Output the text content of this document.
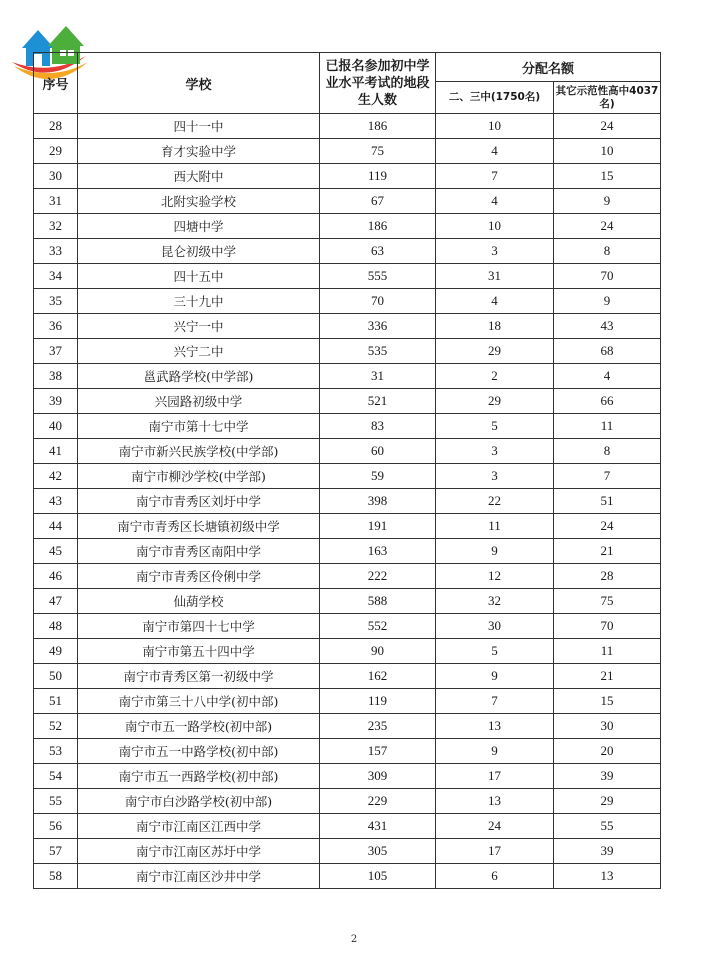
序号	学校	已报名参加初中学业水平考试的地段生人数	分配名额	
			二、三中(1750名)	其它示范性高中4037名)
28	四十一中	186	10	24
29	育才实验中学	75	4	10
30	西大附中	119	7	15
31	北附实验学校	67	4	9
32	四塘中学	186	10	24
33	昆仑初级中学	63	3	8
34	四十五中	555	31	70
35	三十九中	70	4	9
36	兴宁一中	336	18	43
37	兴宁二中	535	29	68
38	邕武路学校(中学部)	31	2	4
39	兴园路初级中学	521	29	66
40	南宁市第十七中学	83	5	11
41	南宁市新兴民族学校(中学部)	60	3	8
42	南宁市柳沙学校(中学部)	59	3	7
43	南宁市青秀区刘圩中学	398	22	51
44	南宁市青秀区长塘镇初级中学	191	11	24
45	南宁市青秀区南阳中学	163	9	21
46	南宁市青秀区伶俐中学	222	12	28
47	仙葫学校	588	32	75
48	南宁市第四十七中学	552	30	70
49	南宁市第五十四中学	90	5	11
50	南宁市青秀区第一初级中学	162	9	21
51	南宁市第三十八中学(初中部)	119	7	15
52	南宁市五一路学校(初中部)	235	13	30
53	南宁市五一中路学校(初中部)	157	9	20
54	南宁市五一西路学校(初中部)	309	17	39
55	南宁市白沙路学校(初中部)	229	13	29
56	南宁市江南区江西中学	431	24	55
57	南宁市江南区苏圩中学	305	17	39
58	南宁市江南区沙井中学	105	6	13
2
